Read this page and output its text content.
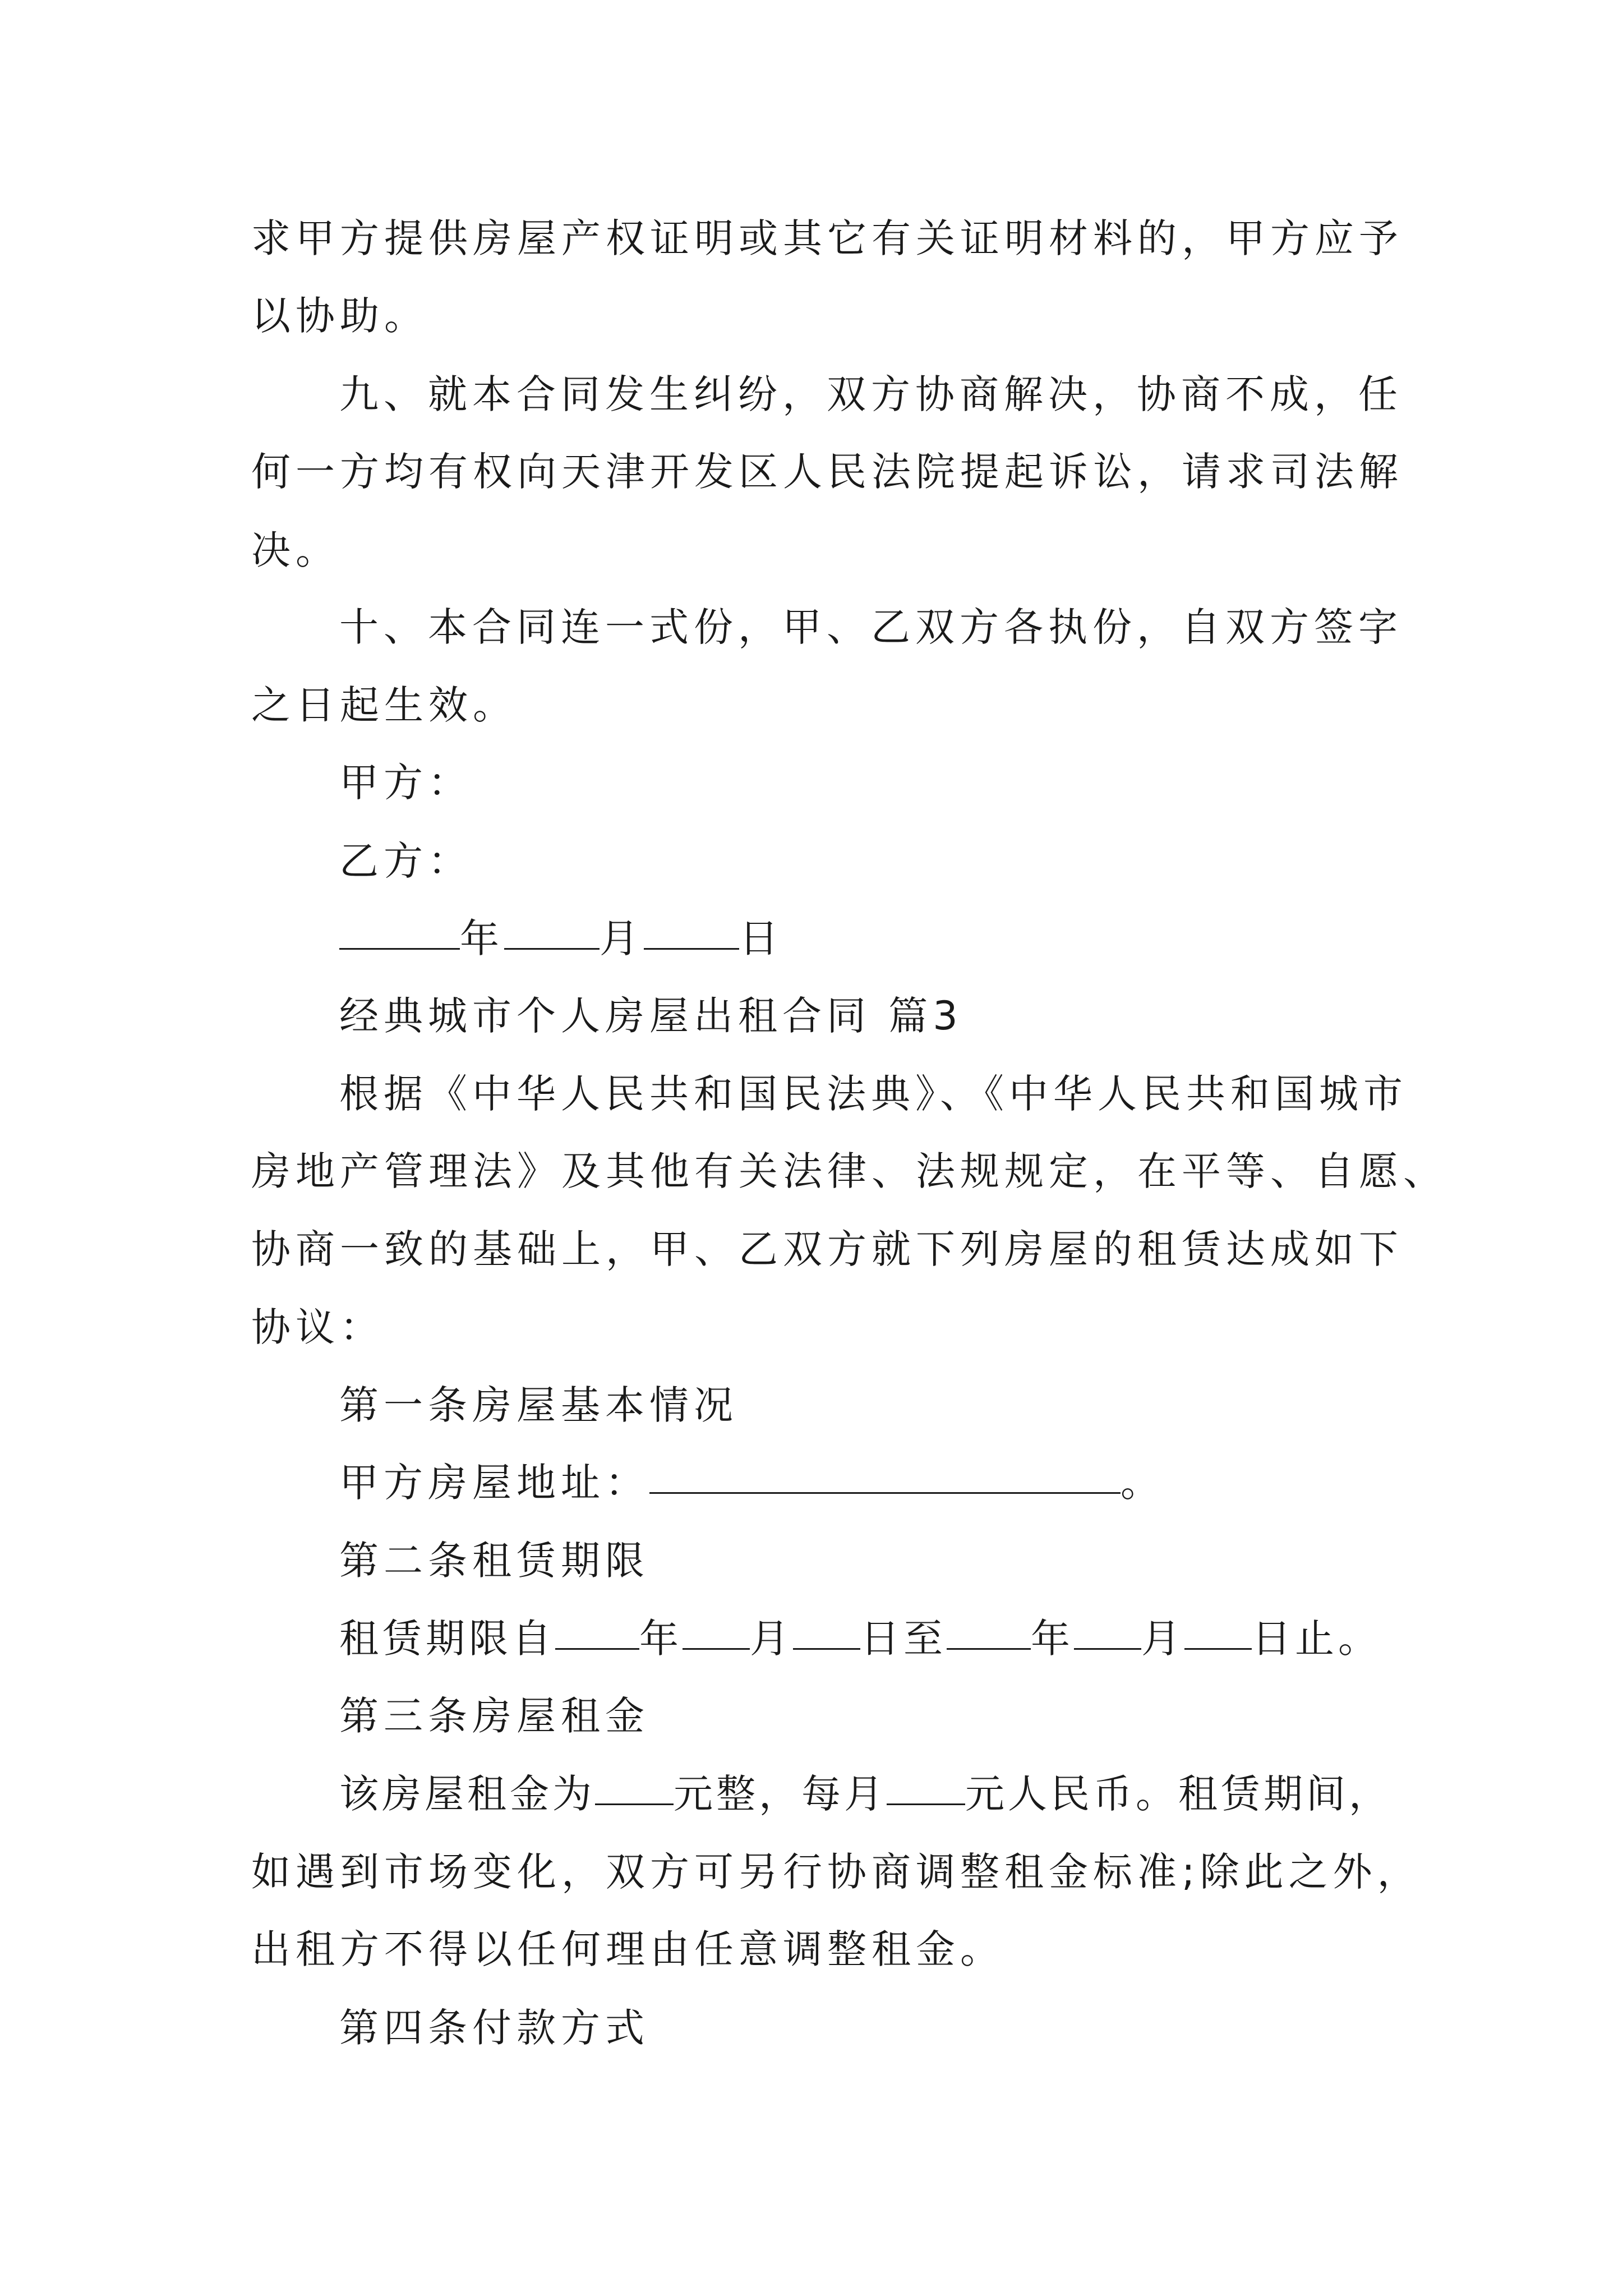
求甲方提供房屋产权证明或其它有关证明材料的，甲方应予
以协助。
九、就本合同发生纠纷，双方协商解决，协商不成，任
何一方均有权向天津开发区人民法院提起诉讼，请求司法解
决。
十、本合同连一式份，甲、乙双方各执份，自双方签字
之日起生效。
甲方：
乙方：
年 月 日
经典城市个人房屋出租合同 篇3
根据《中华人民共和国民法典》、《中华人民共和国城市
房地产管理法》及其他有关法律、法规规定，在平等、自愿、
协商一致的基础上，甲、乙双方就下列房屋的租赁达成如下
协议：
第一条房屋基本情况
甲方房屋地址：	。
第二条租赁期限
租赁期限自 年 月 日至 年 月 日止。
第三条房屋租金
该房屋租金为 元整，每月 元人民币。租赁期间，
如遇到市场变化，双方可另行协商调整租金标准;除此之外，
出租方不得以任何理由任意调整租金。
第四条付款方式
